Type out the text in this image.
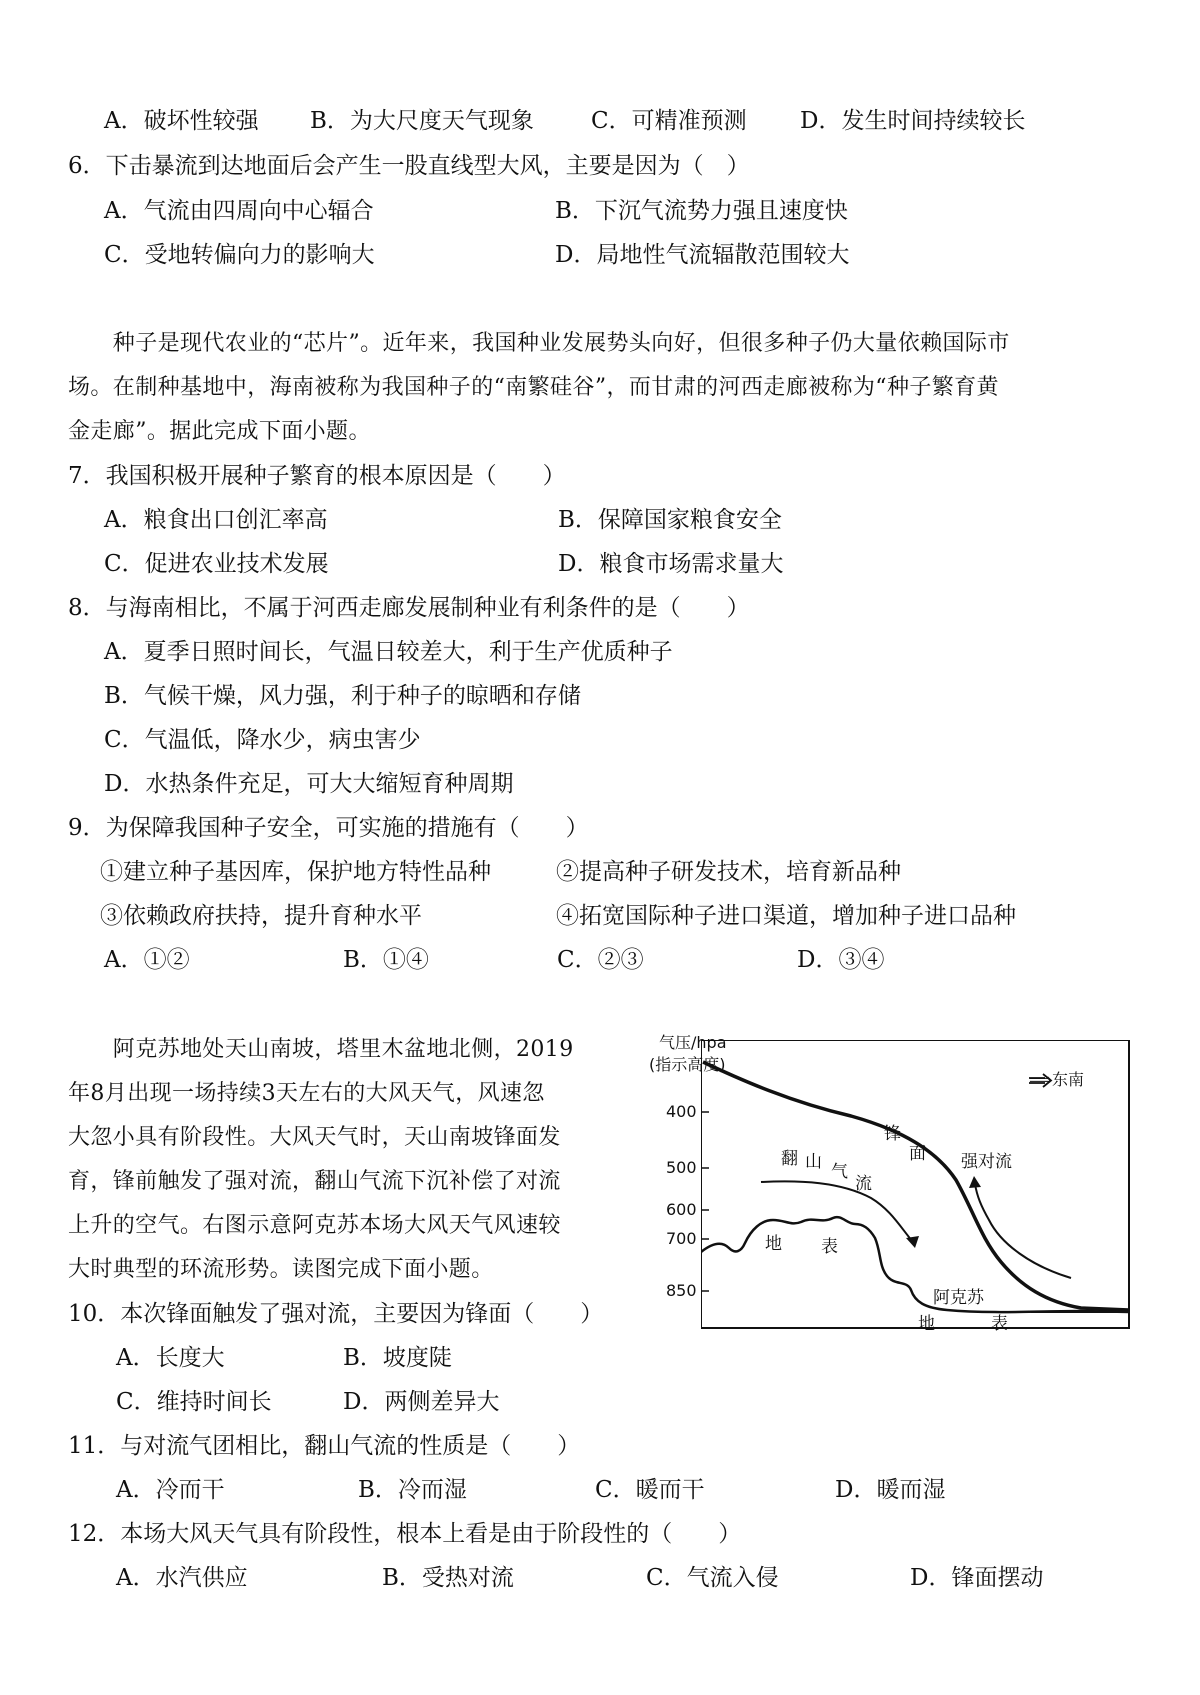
A．破坏性较强 B．为大尺度天气现象 C．可精准预测 D．发生时间持续较长
6．下击暴流到达地面后会产生一股直线型大风，主要是因为（　）
A．气流由四周向中心辐合	B．下沉气流势力强且速度快
C．受地转偏向力的影响大	D．局地性气流辐散范围较大
　　种子是现代农业的“芯片”。近年来，我国种业发展势头向好，但很多种子仍大量依赖国际市
场。在制种基地中，海南被称为我国种子的“南繁硅谷”，而甘肃的河西走廊被称为“种子繁育黄
金走廊”。据此完成下面小题。
7．我国积极开展种子繁育的根本原因是（　　）
A．粮食出口创汇率高	B．保障国家粮食安全
C．促进农业技术发展	D．粮食市场需求量大
8．与海南相比，不属于河西走廊发展制种业有利条件的是（　　）
A．夏季日照时间长，气温日较差大，利于生产优质种子
B．气候干燥，风力强，利于种子的晾晒和存储
C．气温低，降水少，病虫害少
D．水热条件充足，可大大缩短育种周期
9．为保障我国种子安全，可实施的措施有（　　）
①建立种子基因库，保护地方特性品种	②提高种子研发技术，培育新品种
③依赖政府扶持，提升育种水平	④拓宽国际种子进口渠道，增加种子进口品种
A．①②	B．①④	C．②③	D．③④
　　阿克苏地处天山南坡，塔里木盆地北侧，2019
年8月出现一场持续3天左右的大风天气，风速忽
大忽小具有阶段性。大风天气时，天山南坡锋面发
育，锋前触发了强对流，翻山气流下沉补偿了对流
上升的空气。右图示意阿克苏本场大风天气风速较
大时典型的环流形势。读图完成下面小题。
气压/hpa
(指示高度)
⟹东南
400
500
600
700
850
锋
面 强对流
翻 山 气
流
地 表
阿克苏
地	表
10．本次锋面触发了强对流，主要因为锋面（　　）
A．长度大	B．坡度陡
C．维持时间长	D．两侧差异大
11．与对流气团相比，翻山气流的性质是（　　）
A．冷而干	B．冷而湿	C．暖而干	D．暖而湿
12．本场大风天气具有阶段性，根本上看是由于阶段性的（　　）
A．水汽供应	B．受热对流	C．气流入侵	D．锋面摆动
